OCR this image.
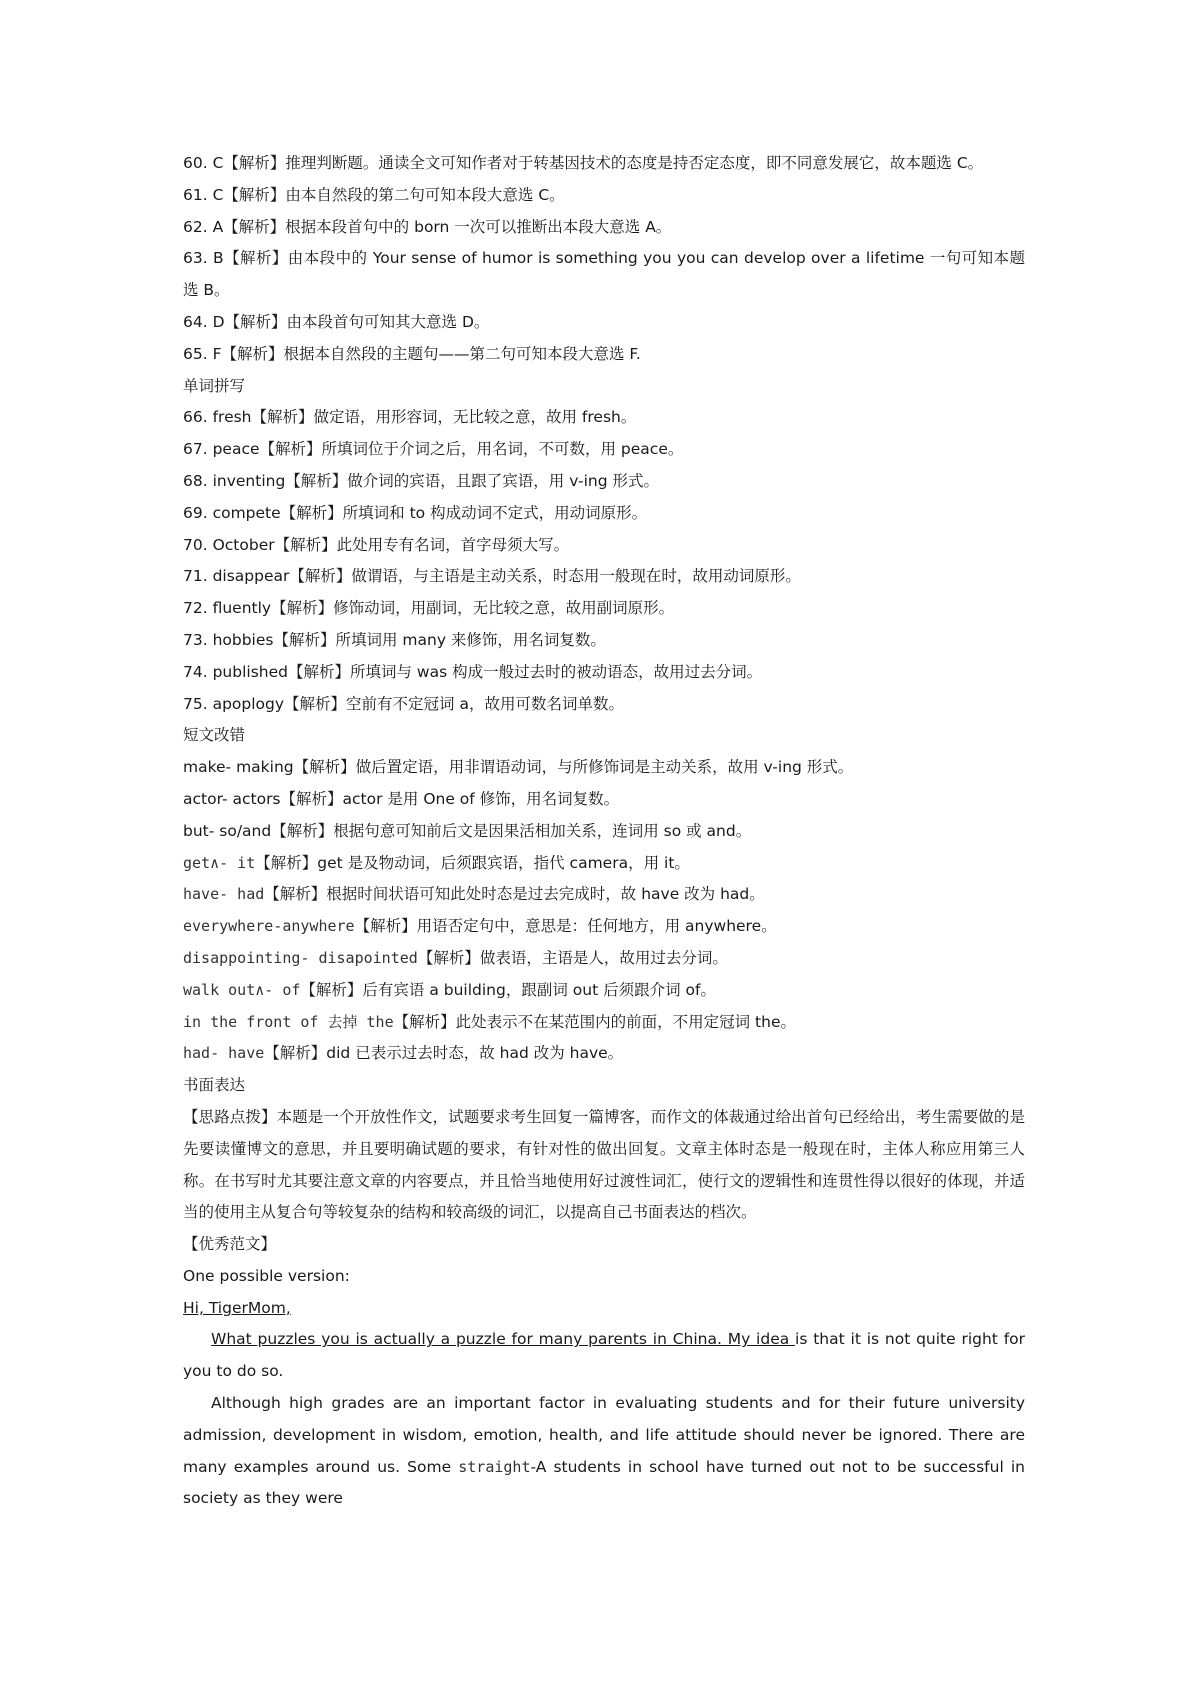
60. C【解析】推理判断题。通读全文可知作者对于转基因技术的态度是持否定态度，即不同意发展它，故本题选 C。
61. C【解析】由本自然段的第二句可知本段大意选 C。
62. A【解析】根据本段首句中的 born 一次可以推断出本段大意选 A。
63. B【解析】由本段中的 Your sense of humor is something you you can develop over a lifetime 一句可知本题选 B。
64. D【解析】由本段首句可知其大意选 D。
65. F【解析】根据本自然段的主题句——第二句可知本段大意选 F.
单词拼写
66. fresh【解析】做定语，用形容词，无比较之意，故用 fresh。
67. peace【解析】所填词位于介词之后，用名词，不可数，用 peace。
68. inventing【解析】做介词的宾语，且跟了宾语，用 v-ing 形式。
69. compete【解析】所填词和 to 构成动词不定式，用动词原形。
70. October【解析】此处用专有名词，首字母须大写。
71. disappear【解析】做谓语，与主语是主动关系，时态用一般现在时，故用动词原形。
72. fluently【解析】修饰动词，用副词，无比较之意，故用副词原形。
73. hobbies【解析】所填词用 many 来修饰，用名词复数。
74. published【解析】所填词与 was 构成一般过去时的被动语态，故用过去分词。
75. apoplogy【解析】空前有不定冠词 a，故用可数名词单数。
短文改错
make- making【解析】做后置定语，用非谓语动词，与所修饰词是主动关系，故用 v-ing 形式。
actor- actors【解析】actor 是用 One of 修饰，用名词复数。
but- so/and【解析】根据句意可知前后文是因果活相加关系，连词用 so 或 and。
get∧- it【解析】get 是及物动词，后须跟宾语，指代 camera，用 it。
have- had【解析】根据时间状语可知此处时态是过去完成时，故 have 改为 had。
everywhere-anywhere【解析】用语否定句中，意思是：任何地方，用 anywhere。
disappointing- disapointed【解析】做表语，主语是人，故用过去分词。
walk out∧- of【解析】后有宾语 a building，跟副词 out 后须跟介词 of。
in the front of 去掉 the【解析】此处表示不在某范围内的前面，不用定冠词 the。
had- have【解析】did 已表示过去时态，故 had 改为 have。
书面表达
【思路点拨】本题是一个开放性作文，试题要求考生回复一篇博客，而作文的体裁通过给出首句已经给出，考生需要做的是先要读懂博文的意思，并且要明确试题的要求，有针对性的做出回复。文章主体时态是一般现在时，主体人称应用第三人称。在书写时尤其要注意文章的内容要点，并且恰当地使用好过渡性词汇，使行文的逻辑性和连贯性得以很好的体现，并适当的使用主从复合句等较复杂的结构和较高级的词汇，以提高自己书面表达的档次。
【优秀范文】
One possible version:
Hi, TigerMom,
What puzzles you is actually a puzzle for many parents in China. My idea is that it is not quite right for you to do so.
Although high grades are an important factor in evaluating students and for their future university admission, development in wisdom, emotion, health, and life attitude should never be ignored. There are many examples around us. Some straight-A students in school have turned out not to be successful in society as they were
